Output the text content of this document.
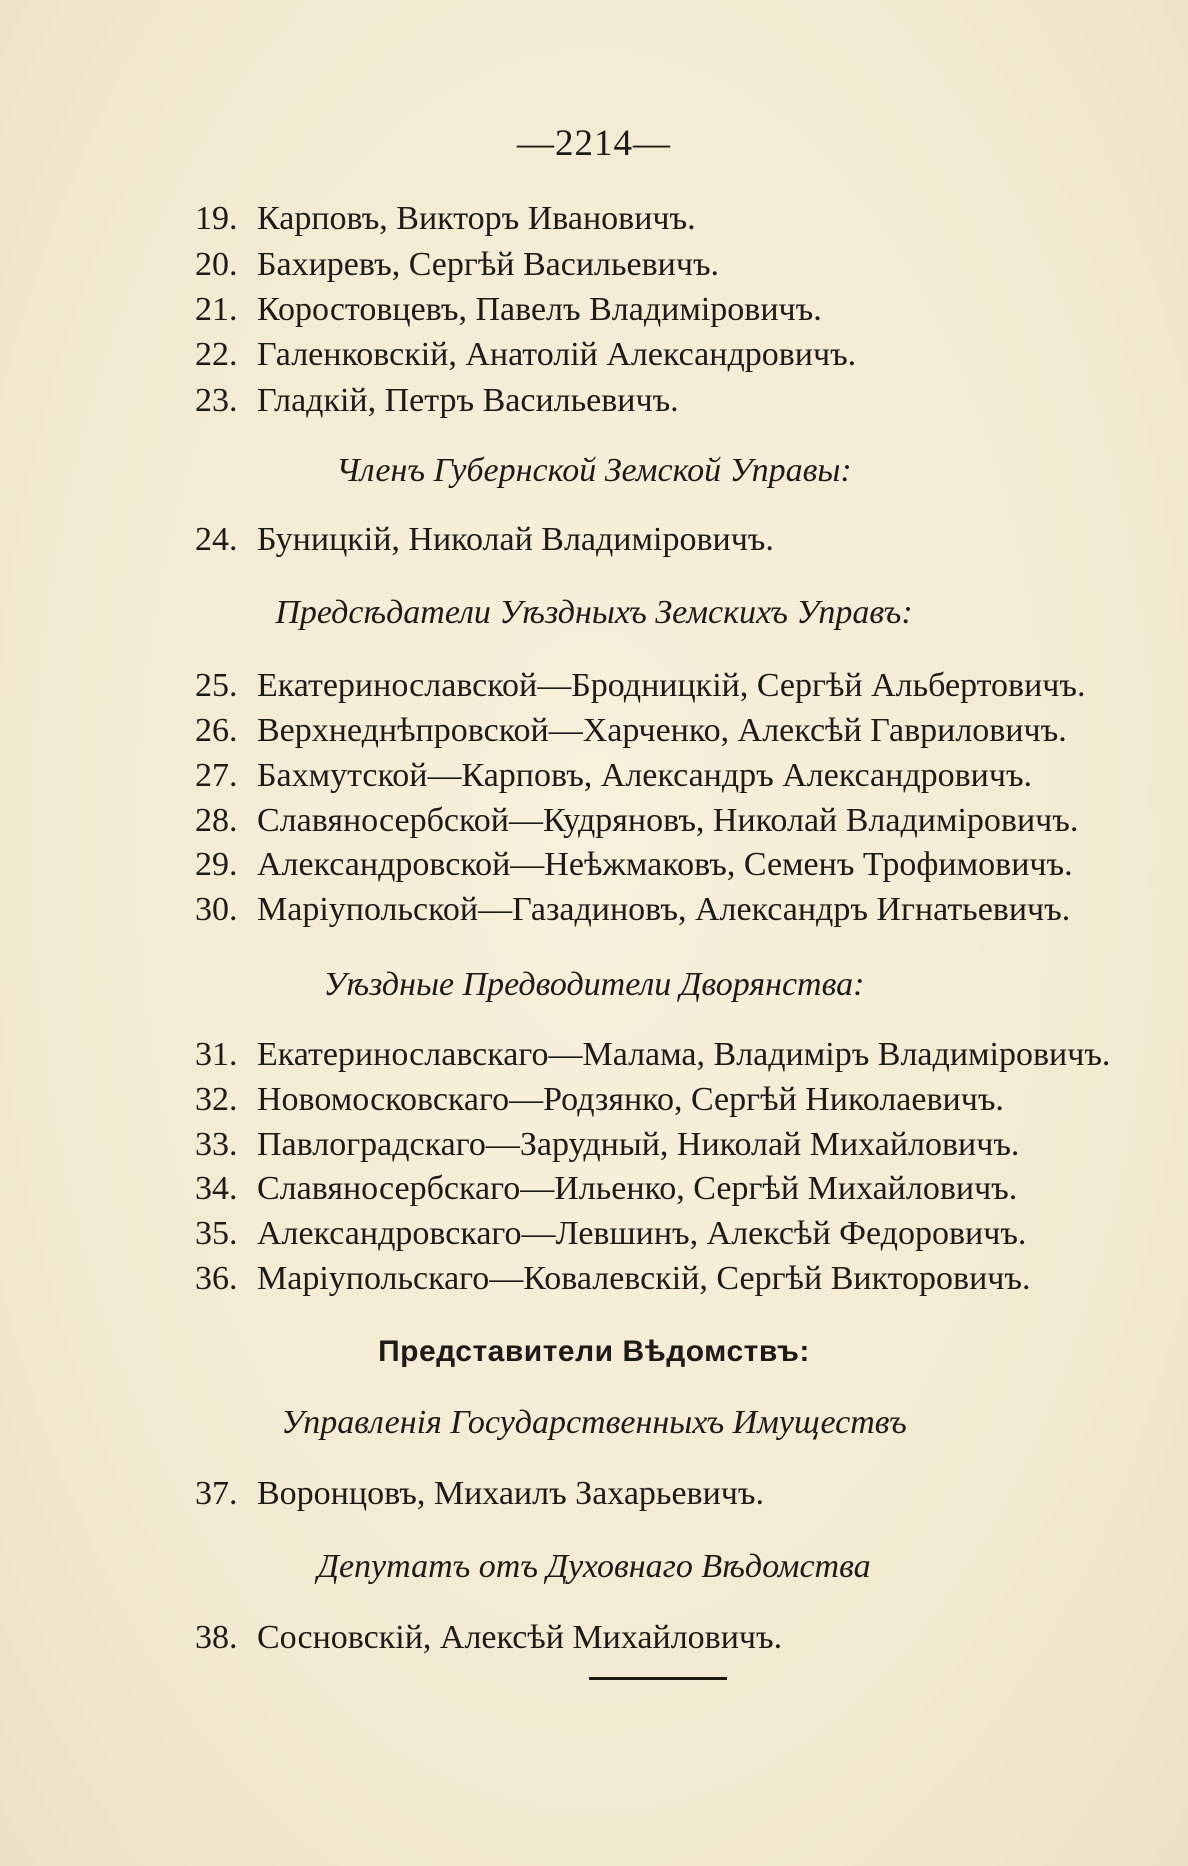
—2214—
19. Карповъ, Викторъ Ивановичъ.
20. Бахиревъ, Сергѣй Васильевичъ.
21. Коростовцевъ, Павелъ Владимiровичъ.
22. Галенковскiй, Анатолiй Александровичъ.
23. Гладкiй, Петръ Васильевичъ.
Членъ Губернской Земской Управы:
24. Буницкiй, Николай Владимiровичъ.
Предсѣдатели Уѣздныхъ Земскихъ Управъ:
25. Екатеринославской—Бродницкiй, Сергѣй Альбертовичъ.
26. Верхнеднѣпровской—Харченко, Алексѣй Гавриловичъ.
27. Бахмутской—Карповъ, Александръ Александровичъ.
28. Славяносербской—Кудряновъ, Николай Владимiровичъ.
29. Александровской—Неѣжмаковъ, Семенъ Трофимовичъ.
30. Марiупольской—Газадиновъ, Александръ Игнатьевичъ.
Уѣздные Предводители Дворянства:
31. Екатеринославскаго—Малама, Владимiръ Владимiровичъ.
32. Новомосковскаго—Родзянко, Сергѣй Николаевичъ.
33. Павлоградскаго—Зарудный, Николай Михайловичъ.
34. Славяносербскаго—Ильенко, Сергѣй Михайловичъ.
35. Александровскаго—Левшинъ, Алексѣй Федоровичъ.
36. Марiупольскаго—Ковалевскiй, Сергѣй Викторовичъ.
Представители Вѣдомствъ:
Управленiя Государственныхъ Имуществъ
37. Воронцовъ, Михаилъ Захарьевичъ.
Депутатъ отъ Духовнаго Вѣдомства
38. Сосновскiй, Алексѣй Михайловичъ.
